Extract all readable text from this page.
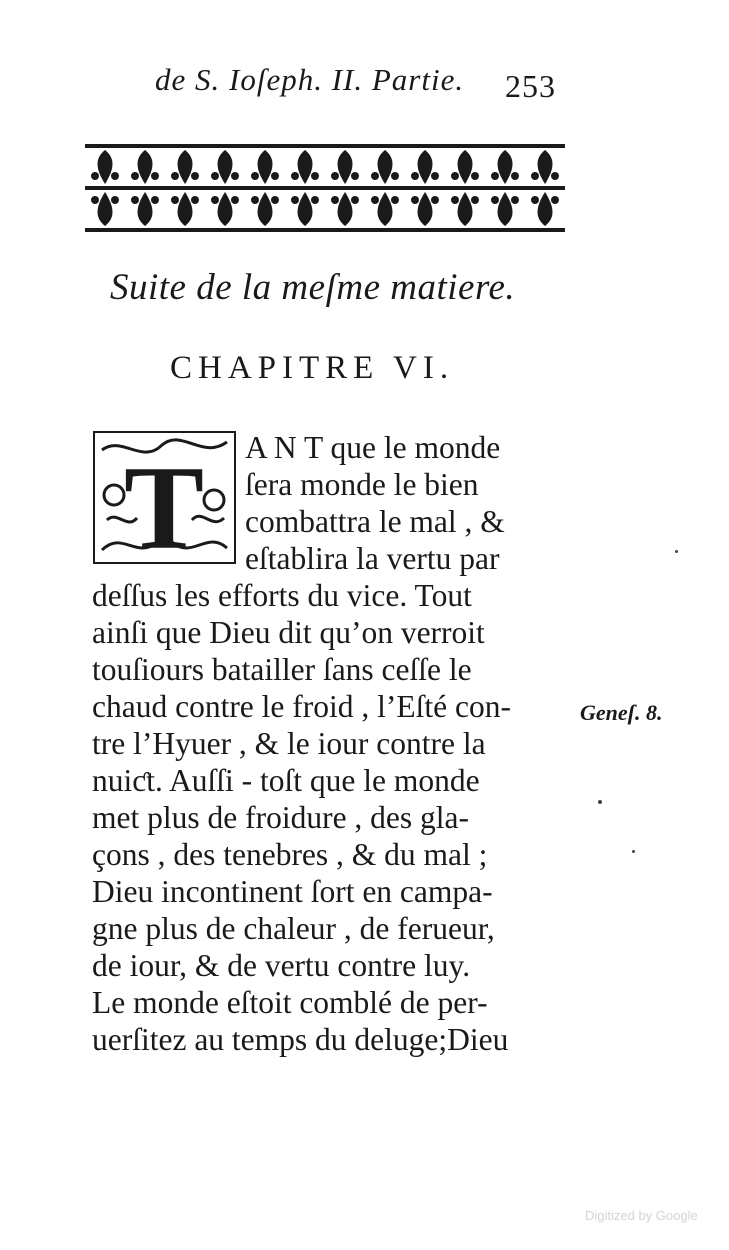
de S. Ioſeph. II. Partie. 253
Suite de la meſme matiere.
CHAPITRE VI.
T A N T que le monde
ſera monde le bien
combattra le mal , &
eſtablira la vertu par
deſſus les efforts du vice. Tout
ainſi que Dieu dit qu’on verroit
touſiours batailler ſans ceſſe le
chaud contre le froid , l’Eſté con-
tre l’Hyuer , & le iour contre la
nuiƈt. Auſſi - toſt que le monde
met plus de froidure , des gla-
çons , des tenebres , & du mal ;
Dieu incontinent ſort en campa-
gne plus de chaleur , de ferueur,
de iour, & de vertu contre luy.
Le monde eſtoit comblé de per-
uerſitez au temps du deluge;Dieu
Geneſ. 8.
Digitized by Google
